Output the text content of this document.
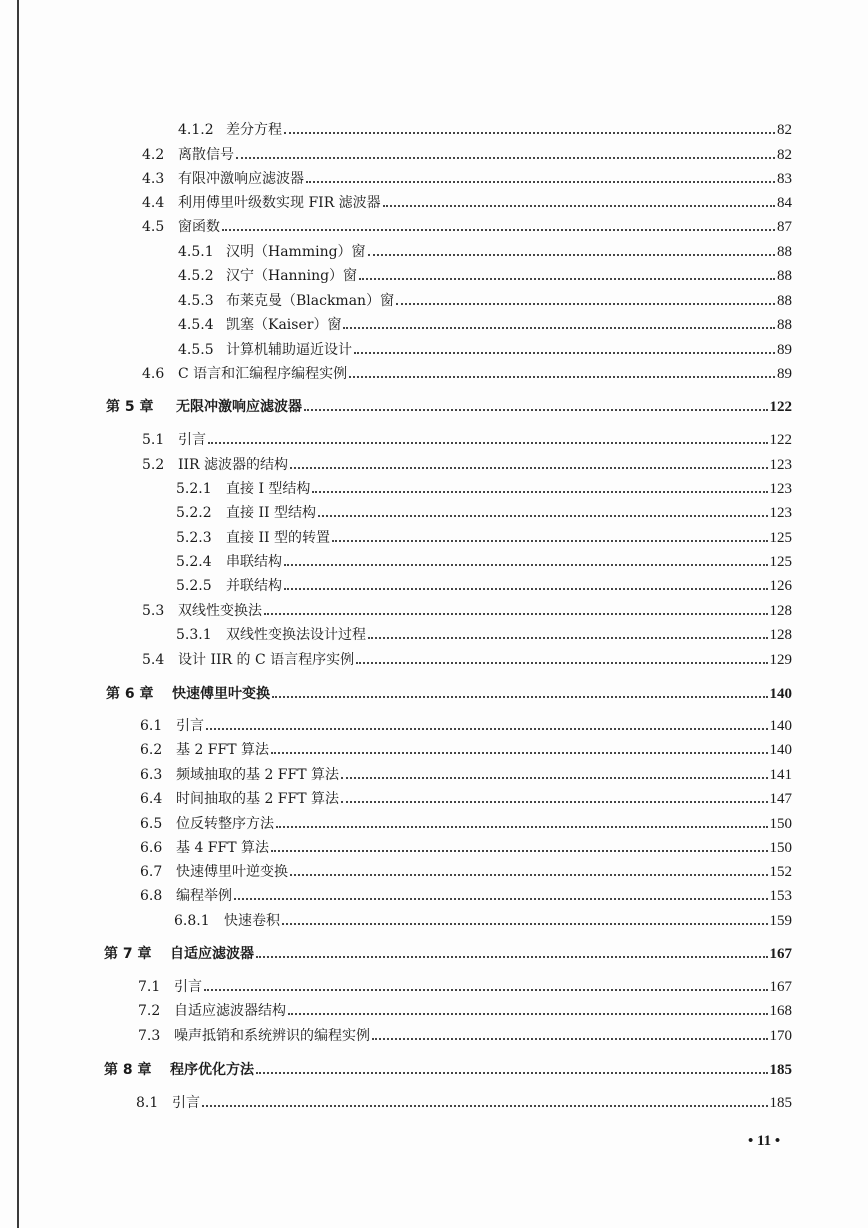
4.1.2 差分方程	82
4.2 离散信号	82
4.3 有限冲激响应滤波器	83
4.4 利用傅里叶级数实现 FIR 滤波器	84
4.5 窗函数	87
4.5.1 汉明（Hamming）窗	88
4.5.2 汉宁（Hanning）窗	88
4.5.3 布莱克曼（Blackman）窗	88
4.5.4 凯塞（Kaiser）窗	88
4.5.5 计算机辅助逼近设计	89
4.6 C 语言和汇编程序编程实例	89
第 5 章	无限冲激响应滤波器	122
5.1 引言	122
5.2 IIR 滤波器的结构	123
5.2.1	直接 I 型结构	123
5.2.2	直接 II 型结构	123
5.2.3	直接 II 型的转置	125
5.2.4	串联结构	125
5.2.5	并联结构	126
5.3 双线性变换法	128
5.3.1	双线性变换法设计过程	128
5.4 设计 IIR 的 C 语言程序实例	129
第 6 章	快速傅里叶变换	140
6.1 引言	140
6.2 基 2 FFT 算法	140
6.3 频域抽取的基 2 FFT 算法	141
6.4 时间抽取的基 2 FFT 算法	147
6.5 位反转整序方法	150
6.6 基 4 FFT 算法	150
6.7 快速傅里叶逆变换	152
6.8 编程举例	153
6.8.1	快速卷积	159
第 7 章	自适应滤波器	167
7.1 引言	167
7.2 自适应滤波器结构	168
7.3 噪声抵销和系统辨识的编程实例	170
第 8 章	程序优化方法	185
8.1 引言	185
• 11 •
